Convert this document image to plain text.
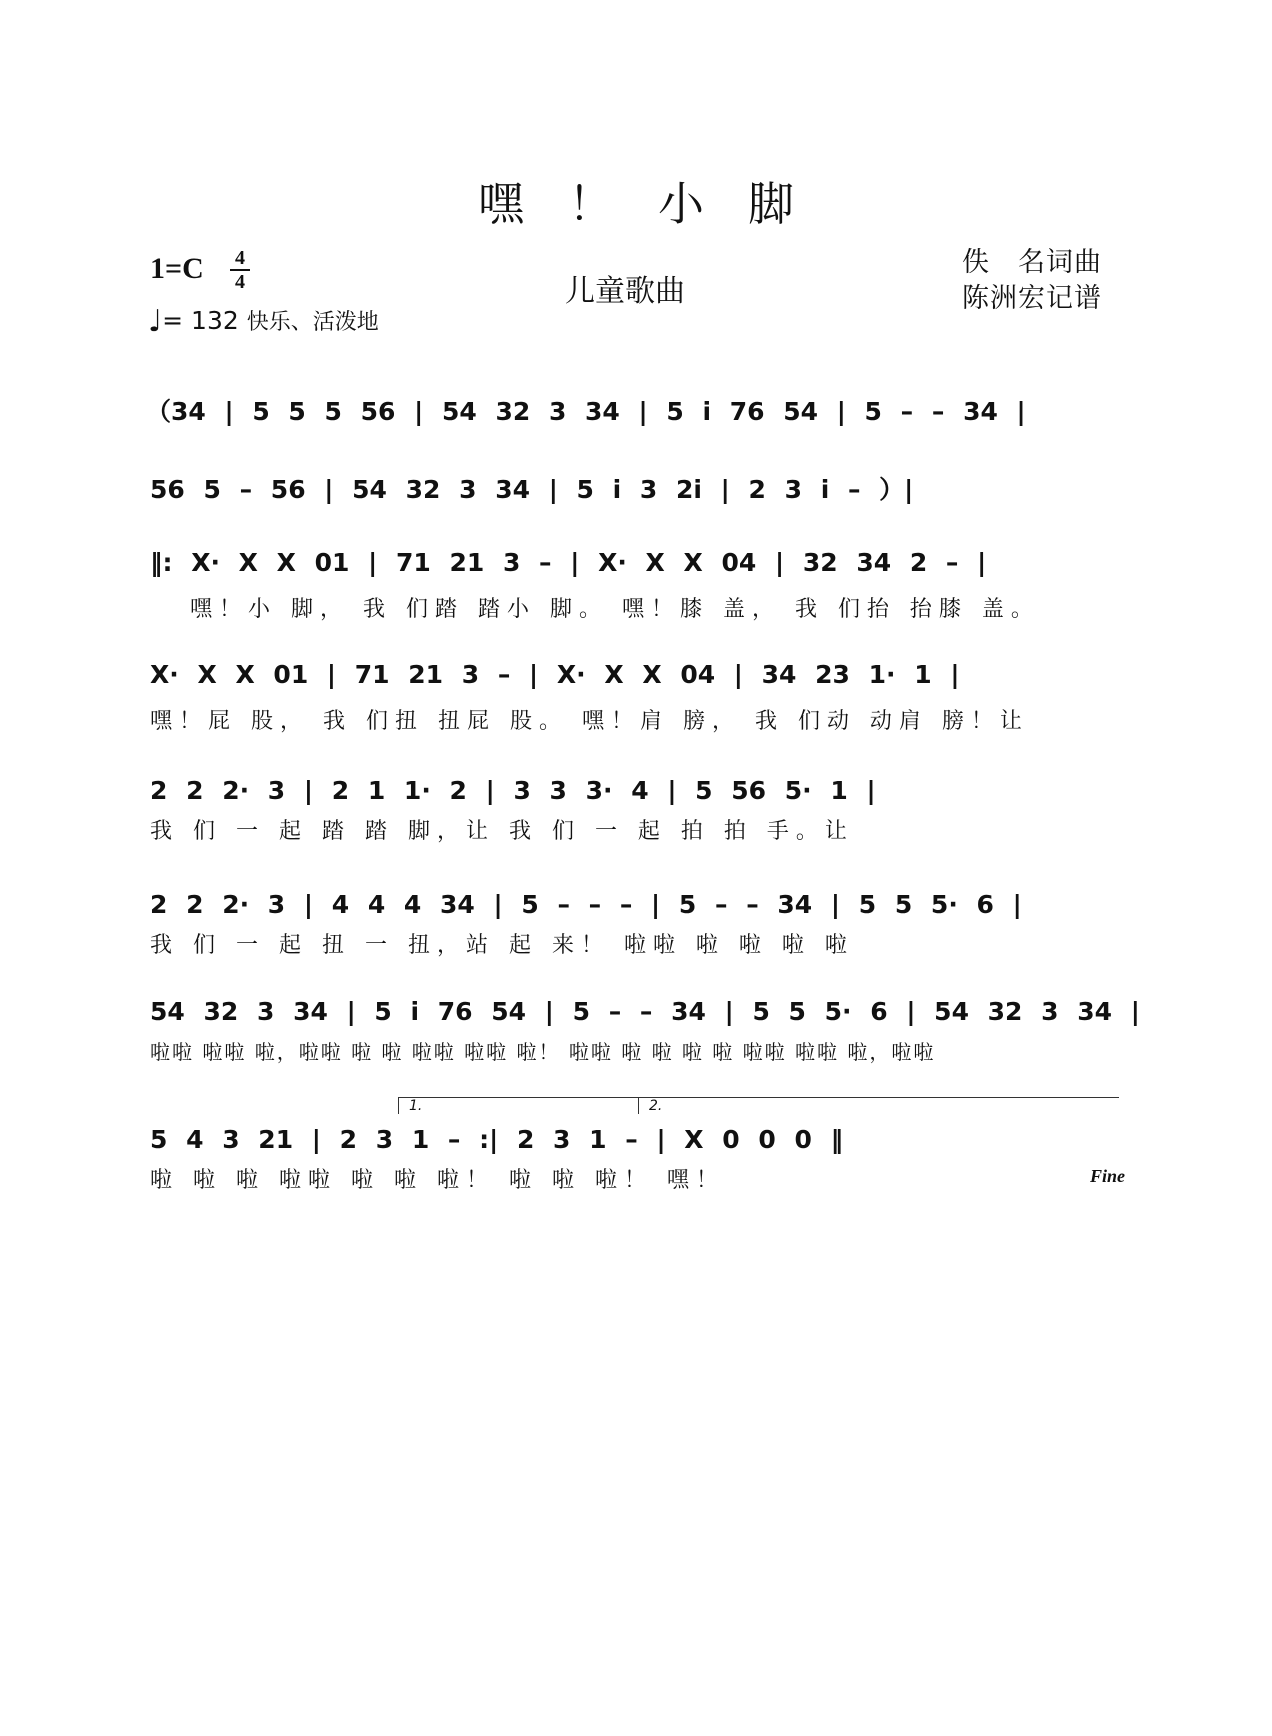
嘿 ！ 小 脚
1=C 4
4
♩= 132 快乐、活泼地
儿童歌曲
佚　名词曲
陈洲宏记谱
（34 | 5 5 5 56 | 54 32 3 34 | 5 i 76 54 | 5 – – 34 |
56 5 – 56 | 54 32 3 34 | 5 i 3 2i | 2 3 i – ）|
‖: X· X X 01 | 71 21 3 – | X· X X 04 | 32 34 2 – |
嘿！小 脚， 我 们踏 踏小 脚。 嘿！膝 盖， 我 们抬 抬膝 盖。
X· X X 01 | 71 21 3 – | X· X X 04 | 34 23 1· 1 |
嘿！屁 股， 我 们扭 扭屁 股。 嘿！肩 膀， 我 们动 动肩 膀！让
2 2 2· 3 | 2 1 1· 2 | 3 3 3· 4 | 5 56 5· 1 |
我 们 一 起 踏 踏 脚，让 我 们 一 起 拍 拍 手。让
2 2 2· 3 | 4 4 4 34 | 5 – – – | 5 – – 34 | 5 5 5· 6 |
我 们 一 起 扭 一 扭，站 起 来！ 啦啦 啦 啦 啦 啦
54 32 3 34 | 5 i 76 54 | 5 – – 34 | 5 5 5· 6 | 54 32 3 34 |
啦啦 啦啦 啦，啦啦 啦 啦 啦啦 啦啦 啦！ 啦啦 啦 啦 啦 啦 啦啦 啦啦 啦，啦啦
1.	2.
5 4 3 21 | 2 3 1 – :| 2 3 1 – | X 0 0 0 ‖
啦 啦 啦 啦啦 啦 啦 啦！ 啦 啦 啦！ 嘿！	Fine
